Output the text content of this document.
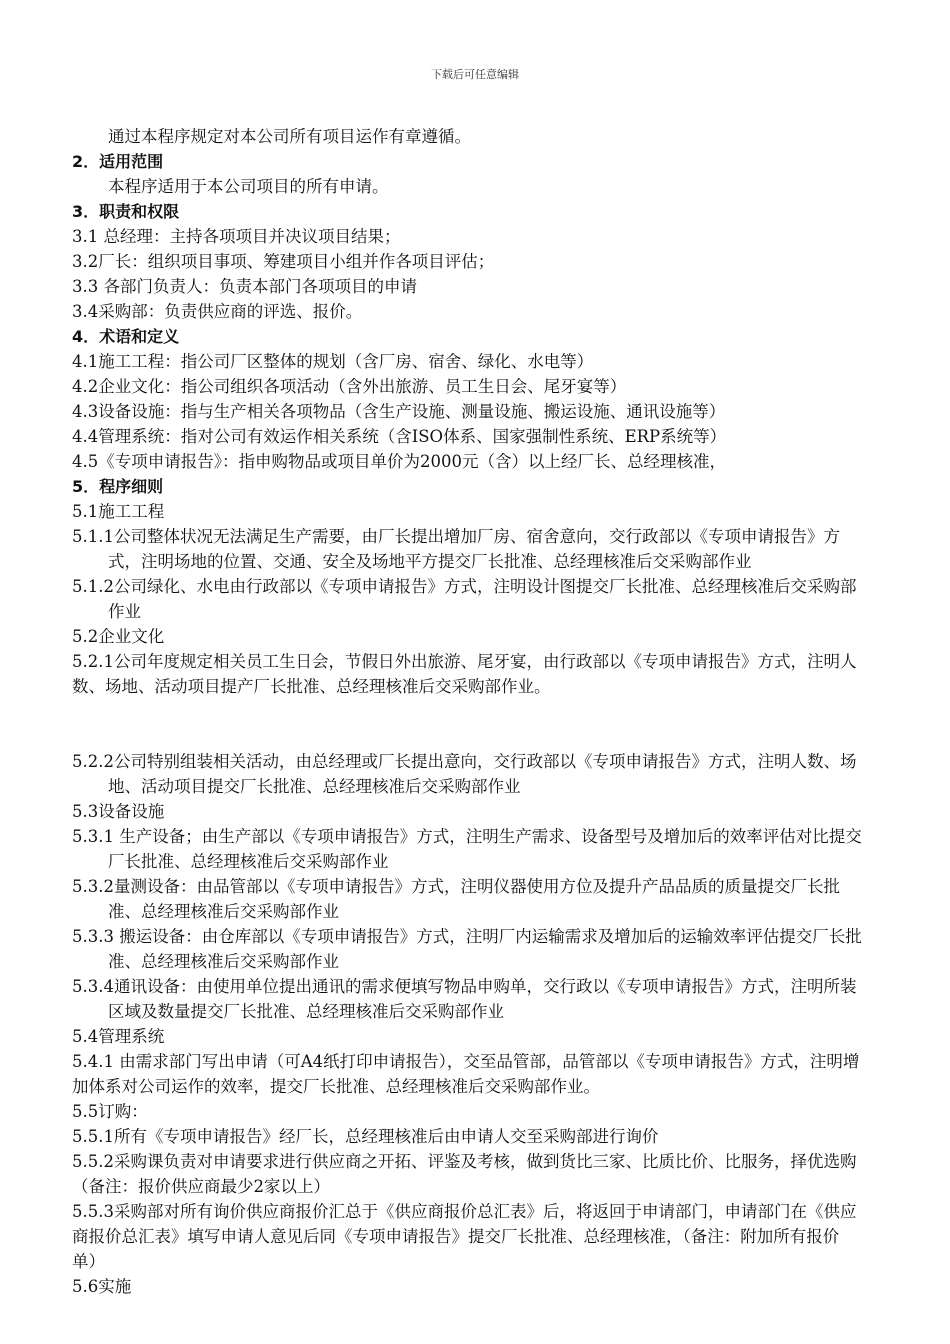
下载后可任意编辑

通过本程序规定对本公司所有项目运作有章遵循。

2．适用范围

本程序适用于本公司项目的所有申请。

3．职责和权限

3.1 总经理：主持各项项目并决议项目结果；

3.2厂长：组织项目事项、筹建项目小组并作各项目评估；

3.3 各部门负责人：负责本部门各项项目的申请

3.4采购部：负责供应商的评选、报价。

4．术语和定义

4.1施工工程：指公司厂区整体的规划（含厂房、宿舍、绿化、水电等）

4.2企业文化：指公司组织各项活动（含外出旅游、员工生日会、尾牙宴等）

4.3设备设施：指与生产相关各项物品（含生产设施、测量设施、搬运设施、通讯设施等）

4.4管理系统：指对公司有效运作相关系统（含ISO体系、国家强制性系统、ERP系统等）

4.5《专项申请报告》：指申购物品或项目单价为2000元（含）以上经厂长、总经理核准，

5．程序细则

5.1施工工程

5.1.1公司整体状况无法满足生产需要，由厂长提出增加厂房、宿舍意向，交行政部以《专项申请报告》方式，注明场地的位置、交通、安全及场地平方提交厂长批准、总经理核准后交采购部作业

5.1.2公司绿化、水电由行政部以《专项申请报告》方式，注明设计图提交厂长批准、总经理核准后交采购部作业

5.2企业文化

5.2.1公司年度规定相关员工生日会，节假日外出旅游、尾牙宴，由行政部以《专项申请报告》方式，注明人数、场地、活动项目提产厂长批准、总经理核准后交采购部作业。

5.2.2公司特别组装相关活动，由总经理或厂长提出意向，交行政部以《专项申请报告》方式，注明人数、场地、活动项目提交厂长批准、总经理核准后交采购部作业

5.3设备设施

5.3.1 生产设备；由生产部以《专项申请报告》方式，注明生产需求、设备型号及增加后的效率评估对比提交厂长批准、总经理核准后交采购部作业

5.3.2量测设备：由品管部以《专项申请报告》方式，注明仪器使用方位及提升产品品质的质量提交厂长批准、总经理核准后交采购部作业

5.3.3 搬运设备：由仓库部以《专项申请报告》方式，注明厂内运输需求及增加后的运输效率评估提交厂长批准、总经理核准后交采购部作业

5.3.4通讯设备：由使用单位提出通讯的需求便填写物品申购单，交行政以《专项申请报告》方式，注明所装区域及数量提交厂长批准、总经理核准后交采购部作业

5.4管理系统

5.4.1 由需求部门写出申请（可A4纸打印申请报告），交至品管部，品管部以《专项申请报告》方式，注明增加体系对公司运作的效率，提交厂长批准、总经理核准后交采购部作业。

5.5订购：

5.5.1所有《专项申请报告》经厂长，总经理核准后由申请人交至采购部进行询价

5.5.2采购课负责对申请要求进行供应商之开拓、评鉴及考核，做到货比三家、比质比价、比服务，择优选购（备注：报价供应商最少2家以上）

5.5.3采购部对所有询价供应商报价汇总于《供应商报价总汇表》后，将返回于申请部门，申请部门在《供应商报价总汇表》填写申请人意见后同《专项申请报告》提交厂长批准、总经理核准，（备注：附加所有报价单）

5.6实施
